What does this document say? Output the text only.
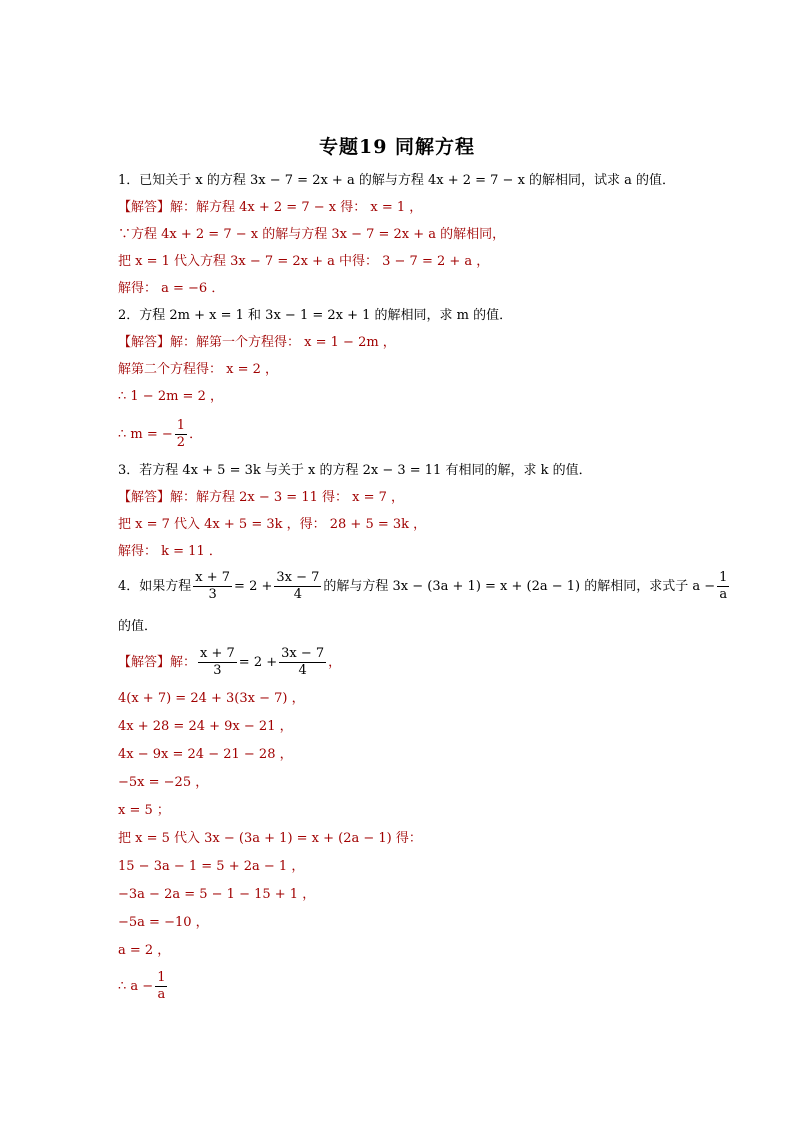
专题19 同解方程
1．已知关于 x 的方程 3x − 7 = 2x + a 的解与方程 4x + 2 = 7 − x 的解相同，试求 a 的值．
【解答】解：解方程 4x + 2 = 7 − x 得： x = 1 ，
∵方程 4x + 2 = 7 − x 的解与方程 3x − 7 = 2x + a 的解相同，
把 x = 1 代入方程 3x − 7 = 2x + a 中得： 3 − 7 = 2 + a ，
解得： a = −6 ．
2．方程 2m + x = 1 和 3x − 1 = 2x + 1 的解相同，求 m 的值．
【解答】解：解第一个方程得： x = 1 − 2m ，
解第二个方程得： x = 2 ，
∴ 1 − 2m = 2 ，
∴ m = − $\frac{1}{2}$ ．
3．若方程 4x + 5 = 3k 与关于 x 的方程 2x − 3 = 11 有相同的解，求 k 的值．
【解答】解：解方程 2x − 3 = 11 得： x = 7 ，
把 x = 7 代入 4x + 5 = 3k ，得： 28 + 5 = 3k ，
解得： k = 11 ．
4．如果方程 $\frac{x + 7}{3} = 2 + \frac{3x - 7}{4}$ 的解与方程 3x − (3a + 1) = x + (2a − 1) 的解相同，求式子 $a - \frac{1}{a}$
的值．
【解答】解： $\frac{x + 7}{3} = 2 + \frac{3x - 7}{4}$ ，
4(x + 7) = 24 + 3(3x − 7) ，
4x + 28 = 24 + 9x − 21 ，
4x − 9x = 24 − 21 − 28 ，
−5x = −25 ，
x = 5 ；
把 x = 5 代入 3x − (3a + 1) = x + (2a − 1) 得：
15 − 3a − 1 = 5 + 2a − 1 ，
−3a − 2a = 5 − 1 − 15 + 1 ，
−5a = −10 ，
a = 2 ，
∴ $a - \frac{1}{a}$
